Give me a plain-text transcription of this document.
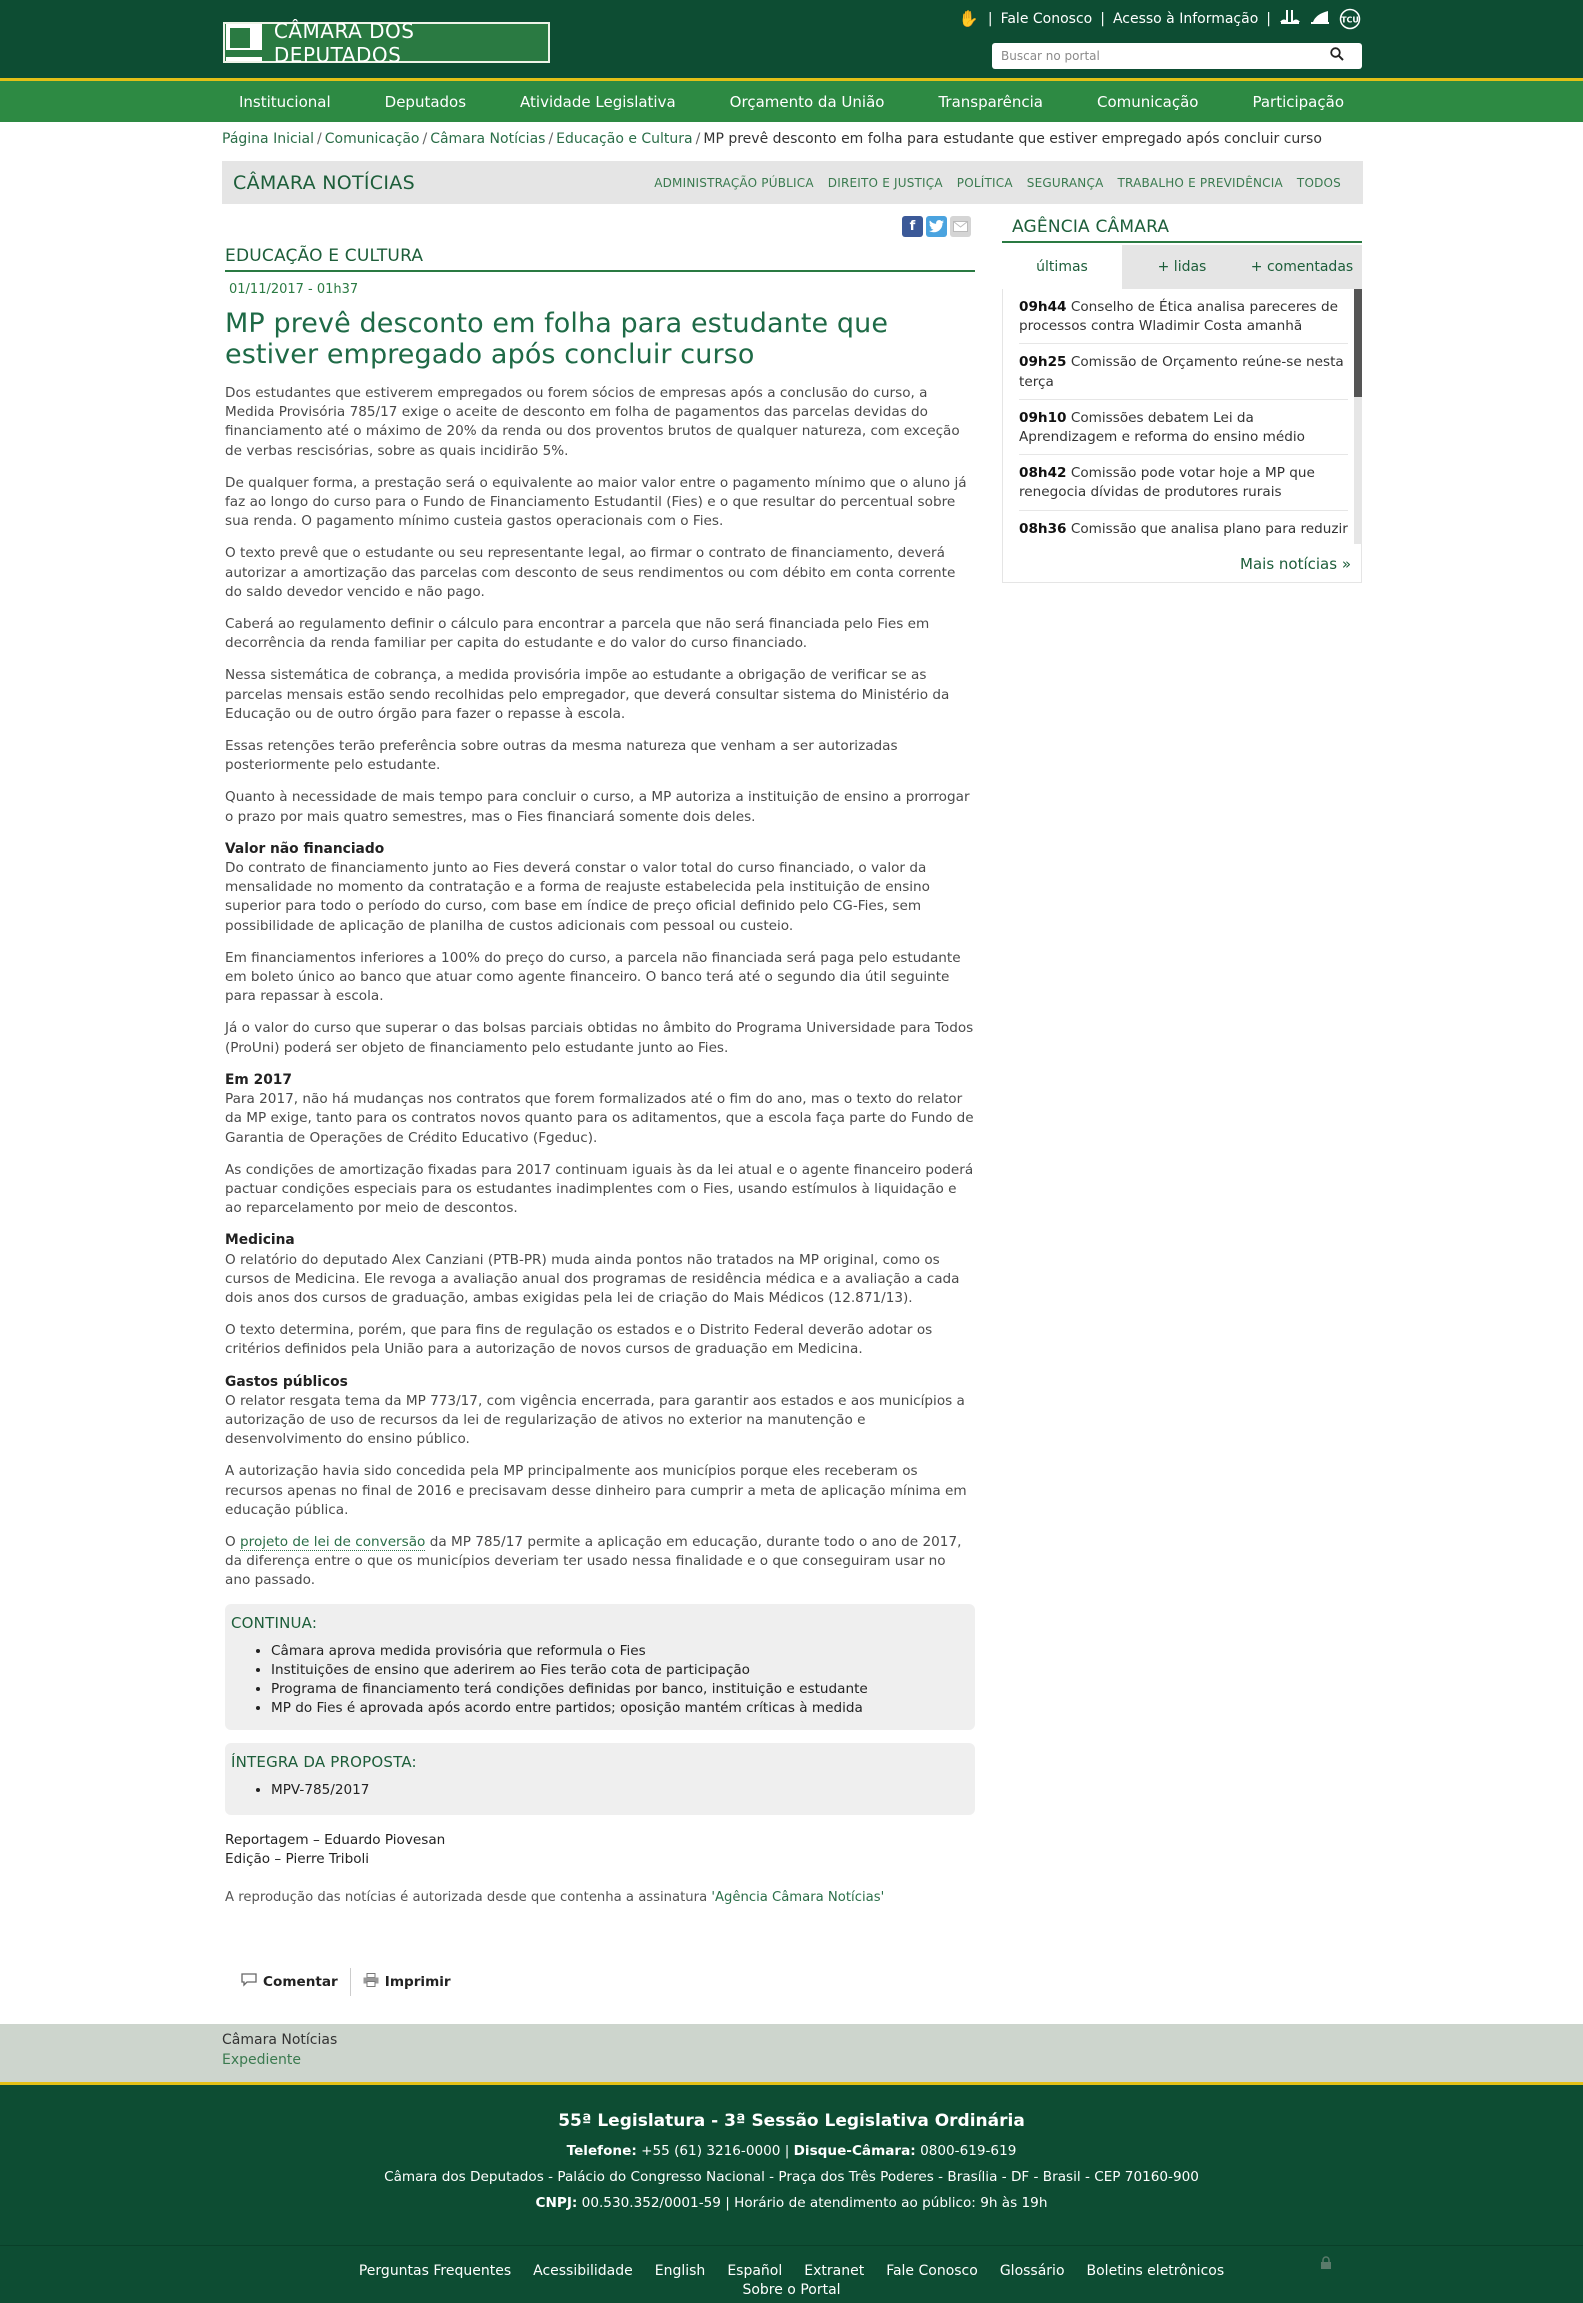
CÂMARA DOS DEPUTADOS
✋ | Fale Conosco | Acesso à Informação |	TCU
Buscar no portal
Institucional	Deputados	Atividade Legislativa	Orçamento da União	Transparência	Comunicação	Participação
Página Inicial / Comunicação / Câmara Notícias / Educação e Cultura / MP prevê desconto em folha para estudante que estiver empregado após concluir curso
CÂMARA NOTÍCIAS	ADMINISTRAÇÃO PÚBLICA	DIREITO E JUSTIÇA	POLÍTICA	SEGURANÇA	TRABALHO E PREVIDÊNCIA	TODOS
f
EDUCAÇÃO E CULTURA
01/11/2017 - 01h37
MP prevê desconto em folha para estudante que estiver empregado após concluir curso

Dos estudantes que estiverem empregados ou forem sócios de empresas após a conclusão do curso, a Medida Provisória 785/17 exige o aceite de desconto em folha de pagamentos das parcelas devidas do financiamento até o máximo de 20% da renda ou dos proventos brutos de qualquer natureza, com exceção de verbas rescisórias, sobre as quais incidirão 5%.

De qualquer forma, a prestação será o equivalente ao maior valor entre o pagamento mínimo que o aluno já faz ao longo do curso para o Fundo de Financiamento Estudantil (Fies) e o que resultar do percentual sobre sua renda. O pagamento mínimo custeia gastos operacionais com o Fies.

O texto prevê que o estudante ou seu representante legal, ao firmar o contrato de financiamento, deverá autorizar a amortização das parcelas com desconto de seus rendimentos ou com débito em conta corrente do saldo devedor vencido e não pago.

Caberá ao regulamento definir o cálculo para encontrar a parcela que não será financiada pelo Fies em decorrência da renda familiar per capita do estudante e do valor do curso financiado.

Nessa sistemática de cobrança, a medida provisória impõe ao estudante a obrigação de verificar se as parcelas mensais estão sendo recolhidas pelo empregador, que deverá consultar sistema do Ministério da Educação ou de outro órgão para fazer o repasse à escola.

Essas retenções terão preferência sobre outras da mesma natureza que venham a ser autorizadas posteriormente pelo estudante.

Quanto à necessidade de mais tempo para concluir o curso, a MP autoriza a instituição de ensino a prorrogar o prazo por mais quatro semestres, mas o Fies financiará somente dois deles.

Valor não financiado
Do contrato de financiamento junto ao Fies deverá constar o valor total do curso financiado, o valor da mensalidade no momento da contratação e a forma de reajuste estabelecida pela instituição de ensino superior para todo o período do curso, com base em índice de preço oficial definido pelo CG-Fies, sem possibilidade de aplicação de planilha de custos adicionais com pessoal ou custeio.

Em financiamentos inferiores a 100% do preço do curso, a parcela não financiada será paga pelo estudante em boleto único ao banco que atuar como agente financeiro. O banco terá até o segundo dia útil seguinte para repassar à escola.

Já o valor do curso que superar o das bolsas parciais obtidas no âmbito do Programa Universidade para Todos (ProUni) poderá ser objeto de financiamento pelo estudante junto ao Fies.

Em 2017
Para 2017, não há mudanças nos contratos que forem formalizados até o fim do ano, mas o texto do relator da MP exige, tanto para os contratos novos quanto para os aditamentos, que a escola faça parte do Fundo de Garantia de Operações de Crédito Educativo (Fgeduc).

As condições de amortização fixadas para 2017 continuam iguais às da lei atual e o agente financeiro poderá pactuar condições especiais para os estudantes inadimplentes com o Fies, usando estímulos à liquidação e ao reparcelamento por meio de descontos.

Medicina
O relatório do deputado Alex Canziani (PTB-PR) muda ainda pontos não tratados na MP original, como os cursos de Medicina. Ele revoga a avaliação anual dos programas de residência médica e a avaliação a cada dois anos dos cursos de graduação, ambas exigidas pela lei de criação do Mais Médicos (12.871/13).

O texto determina, porém, que para fins de regulação os estados e o Distrito Federal deverão adotar os critérios definidos pela União para a autorização de novos cursos de graduação em Medicina.

Gastos públicos
O relator resgata tema da MP 773/17, com vigência encerrada, para garantir aos estados e aos municípios a autorização de uso de recursos da lei de regularização de ativos no exterior na manutenção e desenvolvimento do ensino público.

A autorização havia sido concedida pela MP principalmente aos municípios porque eles receberam os recursos apenas no final de 2016 e precisavam desse dinheiro para cumprir a meta de aplicação mínima em educação pública.

O projeto de lei de conversão da MP 785/17 permite a aplicação em educação, durante todo o ano de 2017, da diferença entre o que os municípios deveriam ter usado nessa finalidade e o que conseguiram usar no ano passado.

CONTINUA:
• Câmara aprova medida provisória que reformula o Fies
• Instituições de ensino que aderirem ao Fies terão cota de participação
• Programa de financiamento terá condições definidas por banco, instituição e estudante
• MP do Fies é aprovada após acordo entre partidos; oposição mantém críticas à medida
ÍNTEGRA DA PROPOSTA:
• MPV-785/2017
Reportagem – Eduardo Piovesan
Edição – Pierre Triboli
A reprodução das notícias é autorizada desde que contenha a assinatura 'Agência Câmara Notícias'
Comentar	Imprimir
AGÊNCIA CÂMARA
últimas	+ lidas	+ comentadas
09h44 Conselho de Ética analisa pareceres de processos contra Wladimir Costa amanhã
09h25 Comissão de Orçamento reúne-se nesta terça
09h10 Comissões debatem Lei da Aprendizagem e reforma do ensino médio
08h42 Comissão pode votar hoje a MP que renegocia dívidas de produtores rurais
08h36 Comissão que analisa plano para reduzir
Mais notícias »
Câmara Notícias
Expediente
55ª Legislatura - 3ª Sessão Legislativa Ordinária
Telefone: +55 (61) 3216-0000 | Disque-Câmara: 0800-619-619
Câmara dos Deputados - Palácio do Congresso Nacional - Praça dos Três Poderes - Brasília - DF - Brasil - CEP 70160-900
CNPJ: 00.530.352/0001-59 | Horário de atendimento ao público: 9h às 19h
Perguntas Frequentes	Acessibilidade	English	Español	Extranet	Fale Conosco	Glossário	Boletins eletrônicos
Sobre o Portal
